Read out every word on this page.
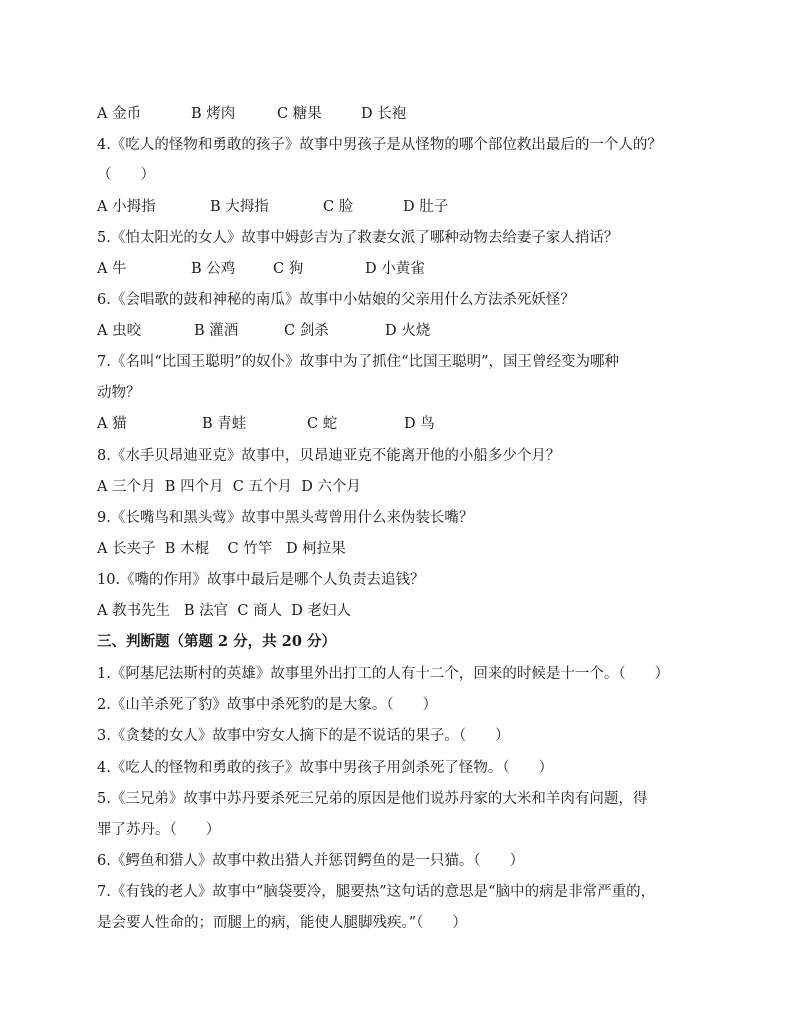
A 金币	B 烤肉	C 糖果	D 长袍
4.《吃人的怪物和勇敢的孩子》故事中男孩子是从怪物的哪个部位救出最后的一个人的？
（　　）
A 小拇指	B 大拇指	C 脸	D 肚子
5.《怕太阳光的女人》故事中姆彭吉为了救妻女派了哪种动物去给妻子家人捎话？
A 牛	B 公鸡	C 狗	D 小黄雀
6.《会唱歌的鼓和神秘的南瓜》故事中小姑娘的父亲用什么方法杀死妖怪？
A 虫咬	B 灌酒	C 剑杀	D 火烧
7.《名叫“比国王聪明”的奴仆》故事中为了抓住“比国王聪明”，国王曾经变为哪种
动物？
A 猫	B 青蛙	C 蛇	D 鸟
8.《水手贝昂迪亚克》故事中，贝昂迪亚克不能离开他的小船多少个月？
A 三个月  B 四个月  C 五个月  D 六个月
9.《长嘴鸟和黑头莺》故事中黑头莺曾用什么来伪装长嘴？
A 长夹子  B 木棍    C 竹竿   D 柯拉果
10.《嘴的作用》故事中最后是哪个人负责去追钱？
A 教书先生   B 法官  C 商人  D 老妇人
三、判断题（第题 2 分，共 20 分）
1.《阿基尼法斯村的英雄》故事里外出打工的人有十二个，回来的时候是十一个。（　　）
2.《山羊杀死了豹》故事中杀死豹的是大象。（　　）
3.《贪婪的女人》故事中穷女人摘下的是不说话的果子。（　　）
4.《吃人的怪物和勇敢的孩子》故事中男孩子用剑杀死了怪物。（　　）
5.《三兄弟》故事中苏丹要杀死三兄弟的原因是他们说苏丹家的大米和羊肉有问题，得
罪了苏丹。（　　）
6.《鳄鱼和猎人》故事中救出猎人并惩罚鳄鱼的是一只猫。（　　）
7.《有钱的老人》故事中“脑袋要冷，腿要热”这句话的意思是“脑中的病是非常严重的，
是会要人性命的；而腿上的病，能使人腿脚残疾。”（　　）
